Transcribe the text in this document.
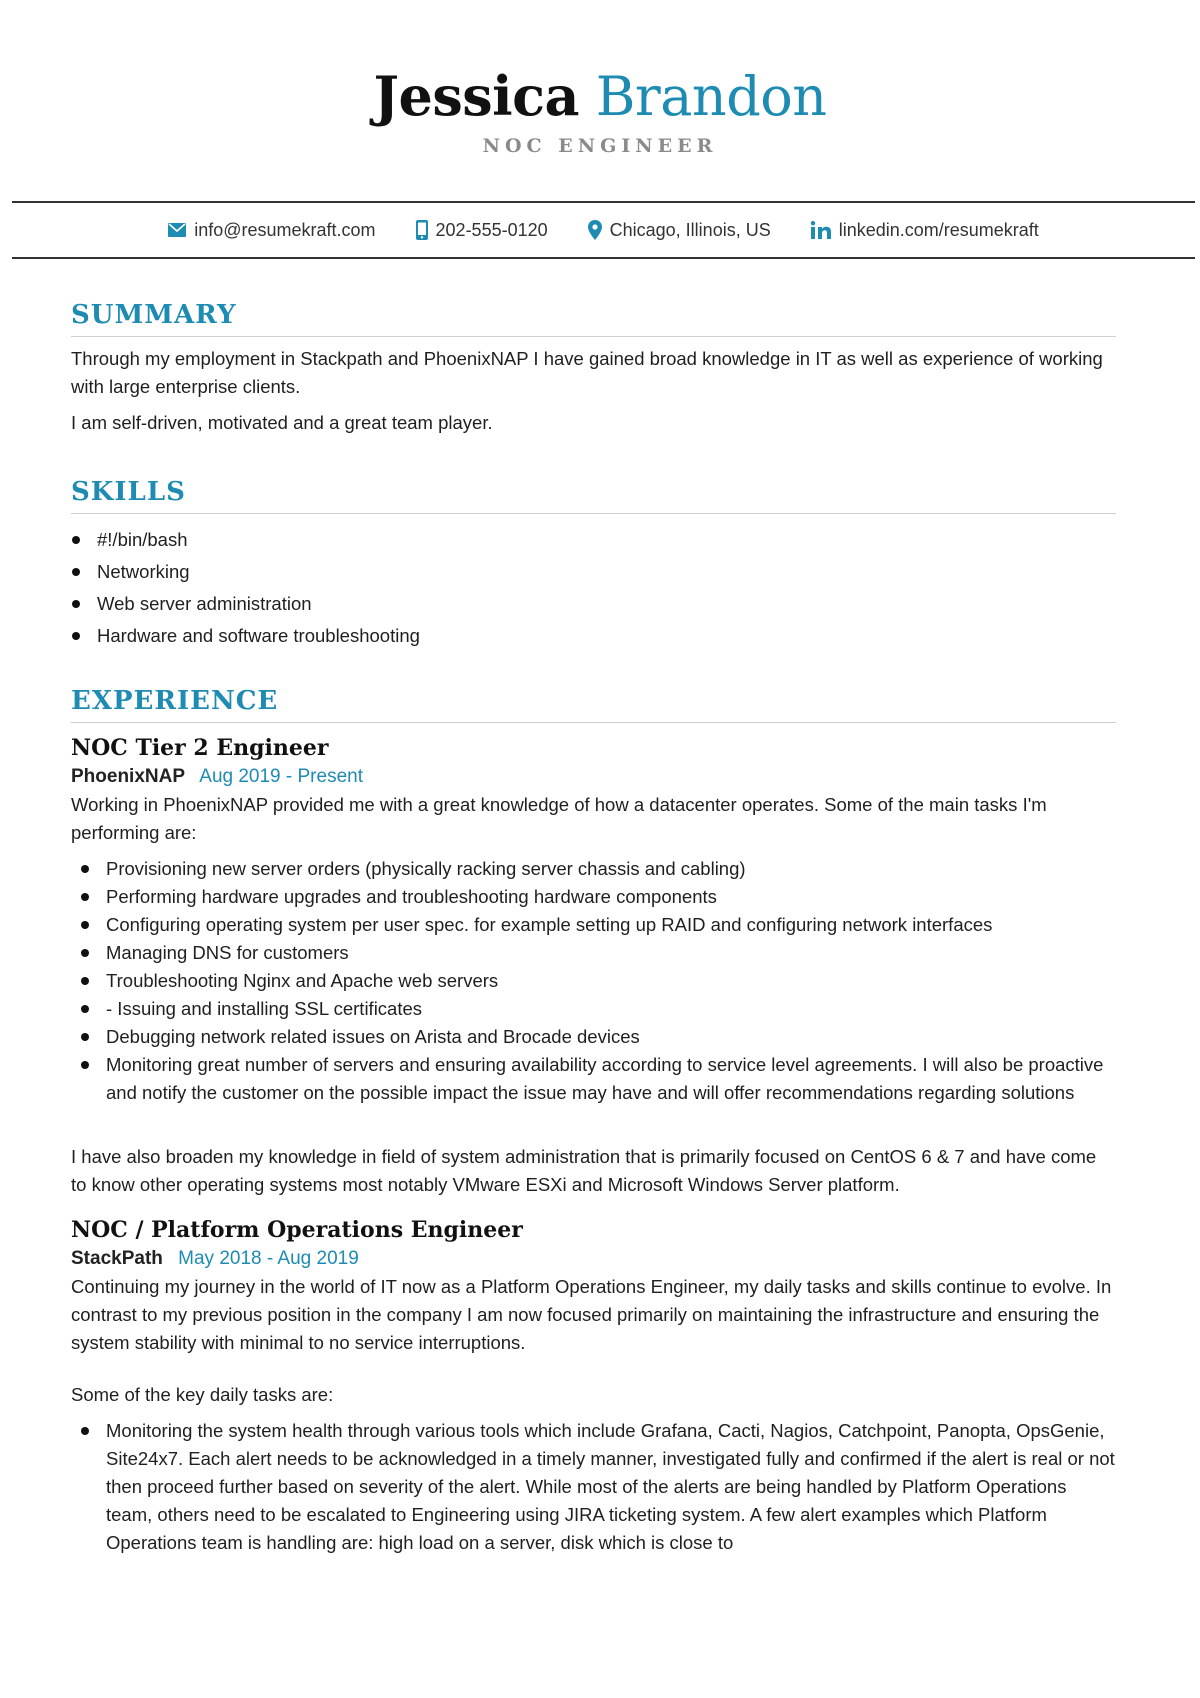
Jessica Brandon
NOC ENGINEER
info@resumekraft.com	202-555-0120	Chicago, Illinois, US	linkedin.com/resumekraft
SUMMARY

Through my employment in Stackpath and PhoenixNAP I have gained broad knowledge in IT as well as experience of working with large enterprise clients.

I am self-driven, motivated and a great team player.

SKILLS
#!/bin/bash
Networking
Web server administration
Hardware and software troubleshooting
EXPERIENCE
NOC Tier 2 Engineer
PhoenixNAP Aug 2019 - Present

Working in PhoenixNAP provided me with a great knowledge of how a datacenter operates. Some of the main tasks I'm performing are:

Provisioning new server orders (physically racking server chassis and cabling)
Performing hardware upgrades and troubleshooting hardware components
Configuring operating system per user spec. for example setting up RAID and configuring network interfaces
Managing DNS for customers
Troubleshooting Nginx and Apache web servers
- Issuing and installing SSL certificates
Debugging network related issues on Arista and Brocade devices
Monitoring great number of servers and ensuring availability according to service level agreements. I will also be proactive and notify the customer on the possible impact the issue may have and will offer recommendations regarding solutions

I have also broaden my knowledge in field of system administration that is primarily focused on CentOS 6 & 7 and have come to know other operating systems most notably VMware ESXi and Microsoft Windows Server platform.

NOC / Platform Operations Engineer
StackPath May 2018 - Aug 2019

Continuing my journey in the world of IT now as a Platform Operations Engineer, my daily tasks and skills continue to evolve. In contrast to my previous position in the company I am now focused primarily on maintaining the infrastructure and ensuring the system stability with minimal to no service interruptions.

Some of the key daily tasks are:

Monitoring the system health through various tools which include Grafana, Cacti, Nagios, Catchpoint, Panopta, OpsGenie, Site24x7. Each alert needs to be acknowledged in a timely manner, investigated fully and confirmed if the alert is real or not then proceed further based on severity of the alert. While most of the alerts are being handled by Platform Operations team, others need to be escalated to Engineering using JIRA ticketing system. A few alert examples which Platform Operations team is handling are: high load on a server, disk which is close to
